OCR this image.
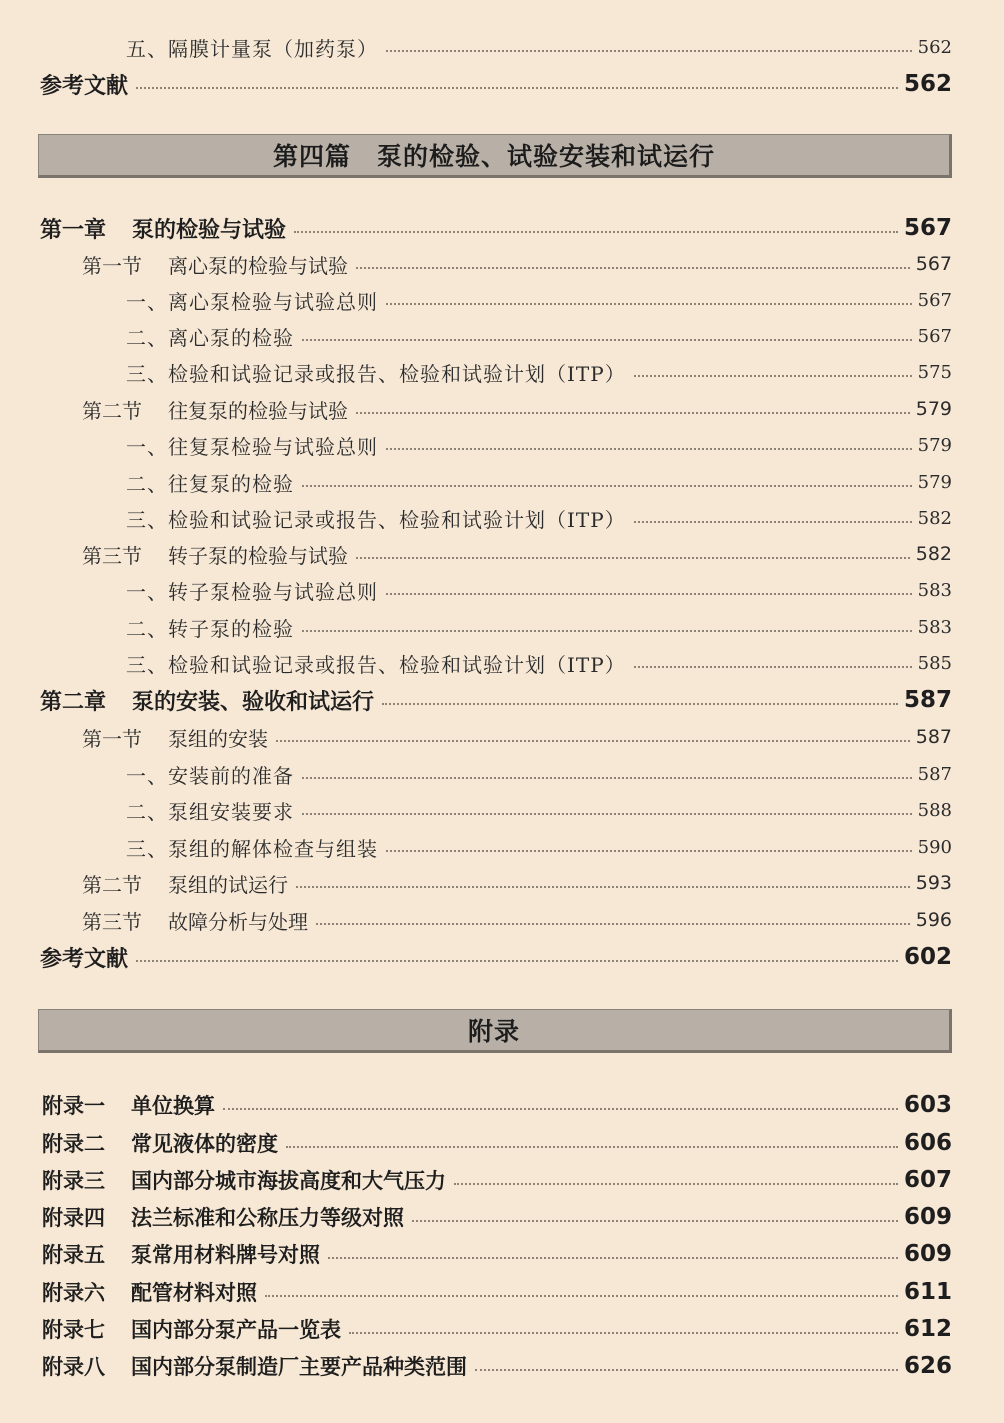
五、隔膜计量泵（加药泵）	562
参考文献	562
第四篇　泵的检验、试验安装和试运行
第一章 泵的检验与试验	567
第一节 离心泵的检验与试验	567
一、离心泵检验与试验总则	567
二、离心泵的检验	567
三、检验和试验记录或报告、检验和试验计划（ITP）	575
第二节 往复泵的检验与试验	579
一、往复泵检验与试验总则	579
二、往复泵的检验	579
三、检验和试验记录或报告、检验和试验计划（ITP）	582
第三节 转子泵的检验与试验	582
一、转子泵检验与试验总则	583
二、转子泵的检验	583
三、检验和试验记录或报告、检验和试验计划（ITP）	585
第二章 泵的安装、验收和试运行	587
第一节 泵组的安装	587
一、安装前的准备	587
二、泵组安装要求	588
三、泵组的解体检查与组装	590
第二节 泵组的试运行	593
第三节 故障分析与处理	596
参考文献	602
附录
附录一 单位换算	603
附录二 常见液体的密度	606
附录三 国内部分城市海拔高度和大气压力	607
附录四 法兰标准和公称压力等级对照	609
附录五 泵常用材料牌号对照	609
附录六 配管材料对照	611
附录七 国内部分泵产品一览表	612
附录八 国内部分泵制造厂主要产品种类范围	626
